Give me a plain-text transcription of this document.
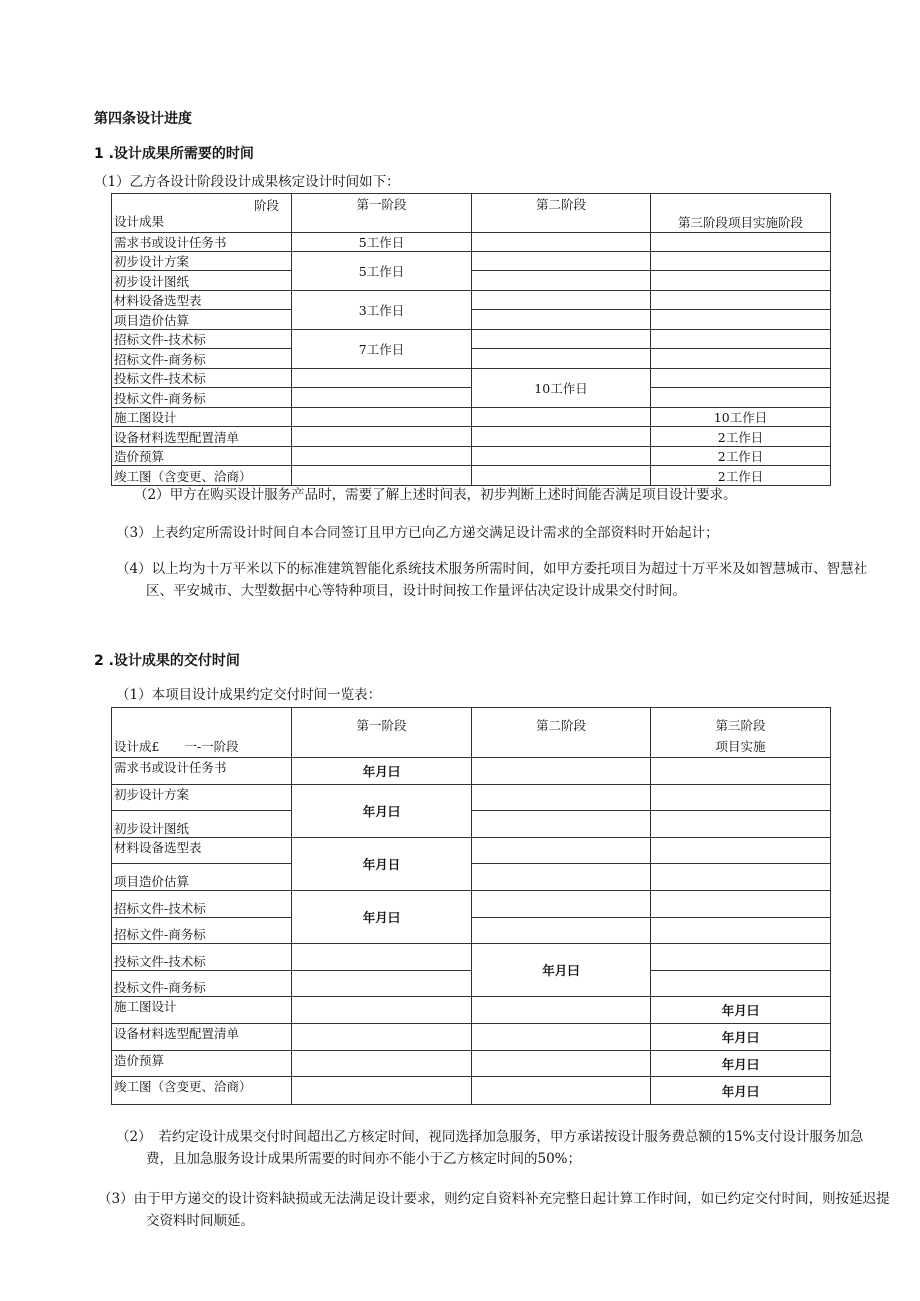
第四条设计进度
1 .设计成果所需要的时间
（1）乙方各设计阶段设计成果核定设计时间如下：
阶段
设计成果	第一阶段	第二阶段	第三阶段项目实施阶段
需求书或设计任务书	5工作日		
初步设计方案	5工作日		
初步设计图纸			
材料设备选型表	3工作日		
项目造价估算			
招标文件-技术标	7工作日		
招标文件-商务标			
投标文件-技术标		10工作日	
投标文件-商务标			
施工图设计			10工作日
设备材料选型配置清单			2工作日
造价预算			2工作日
竣工图（含变更、洽商）			2工作日
（2）甲方在购买设计服务产品时，需要了解上述时间表，初步判断上述时间能否满足项目设计要求。
（3）上表约定所需设计时间自本合同签订且甲方已向乙方递交满足设计需求的全部资料时开始起计；
（4）以上均为十万平米以下的标准建筑智能化系统技术服务所需时间，如甲方委托项目为超过十万平米及如智慧城市、智慧社区、平安城市、大型数据中心等特种项目，设计时间按工作量评估决定设计成果交付时间。
2 .设计成果的交付时间
（1）本项目设计成果约定交付时间一览表：
设计成£　　一-一阶段	第一阶段	第二阶段	第三阶段
项目实施

需求书或设计任务书	年月曰		
初步设计方案	年月曰		
初步设计图纸			
材料设备选型表	年月日		
项目造价估算			
招标文件-技术标	年月曰		
招标文件-商务标			
投标文件-技术标		年月曰	
投标文件-商务标			
施工图设计			年月曰
设备材料选型配置清单			年月曰
造价预算			年月曰
竣工图（含变更、洽商）			年月曰
（2）　若约定设计成果交付时间超出乙方核定时间，视同选择加急服务，甲方承诺按设计服务费总额的15%支付设计服务加急费，且加急服务设计成果所需要的时间亦不能小于乙方核定时间的50%；
（3）由于甲方递交的设计资料缺损或无法满足设计要求，则约定自资料补充完整日起计算工作时间，如已约定交付时间，则按延迟提交资料时间顺延。
